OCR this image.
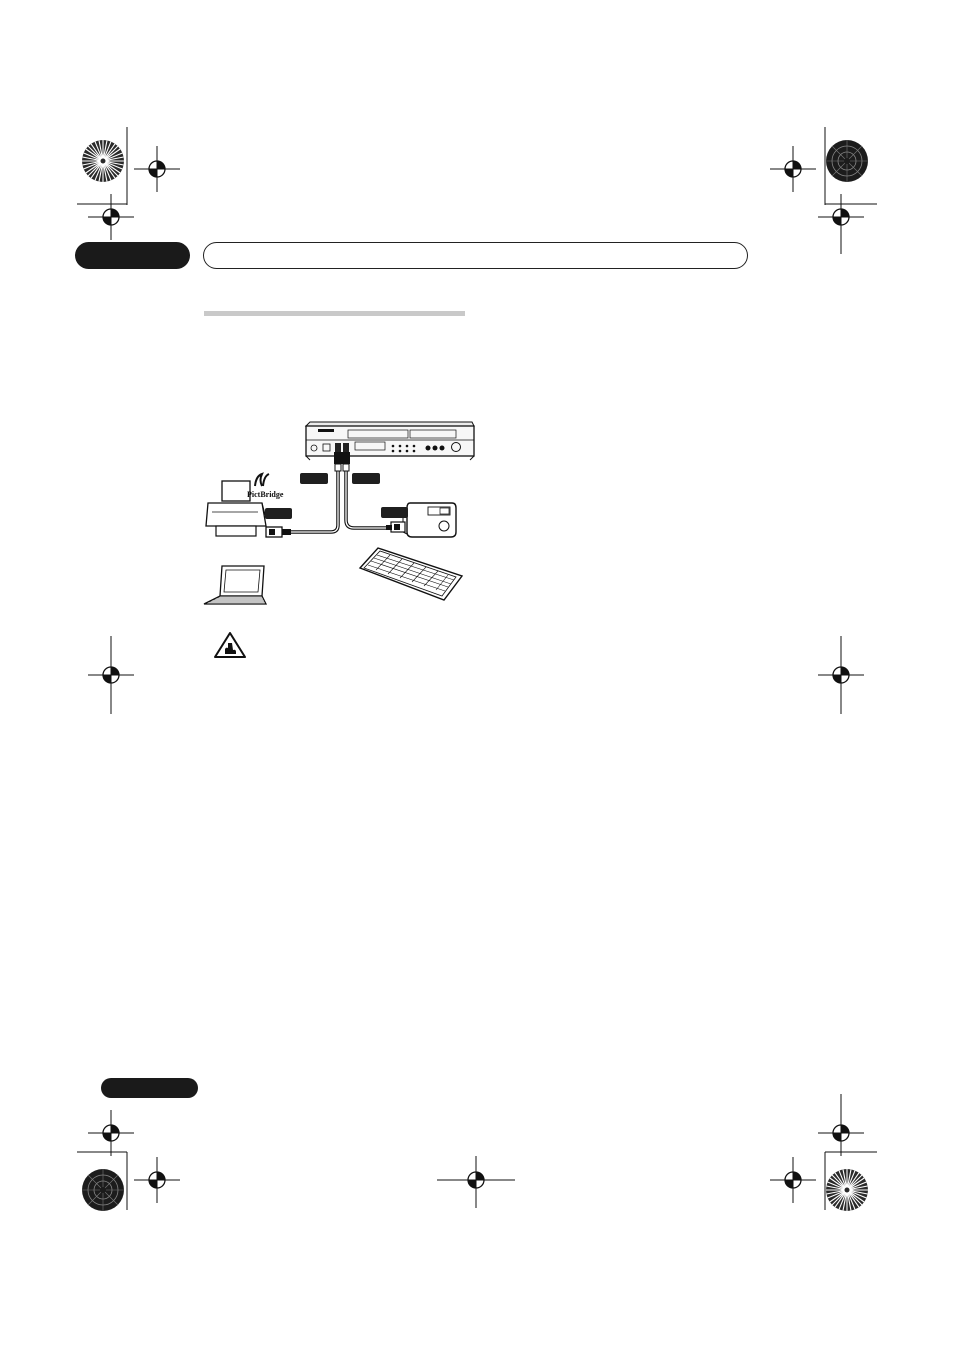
PictBridge
